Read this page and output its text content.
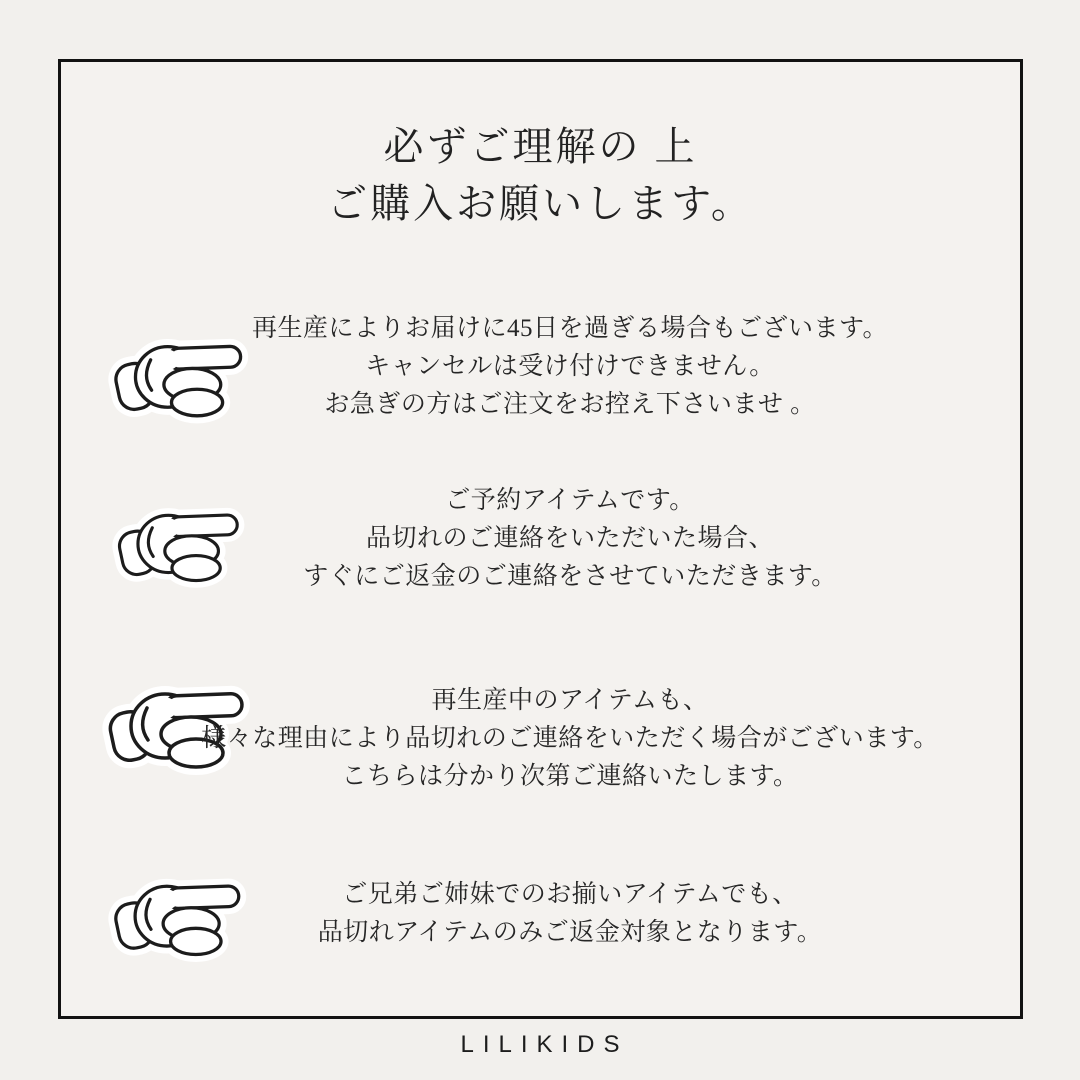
必ずご理解の 上
ご購入お願いします。
再生産によりお届けに45日を過ぎる場合もございます。
キャンセルは受け付けできません。
お急ぎの方はご注文をお控え下さいませ 。
ご予約アイテムです。
品切れのご連絡をいただいた場合、
すぐにご返金のご連絡をさせていただきます。
再生産中のアイテムも、
様々な理由により品切れのご連絡をいただく場合がございます。
こちらは分かり次第ご連絡いたします。
ご兄弟ご姉妹でのお揃いアイテムでも、
品切れアイテムのみご返金対象となります。
LILIKIDS
